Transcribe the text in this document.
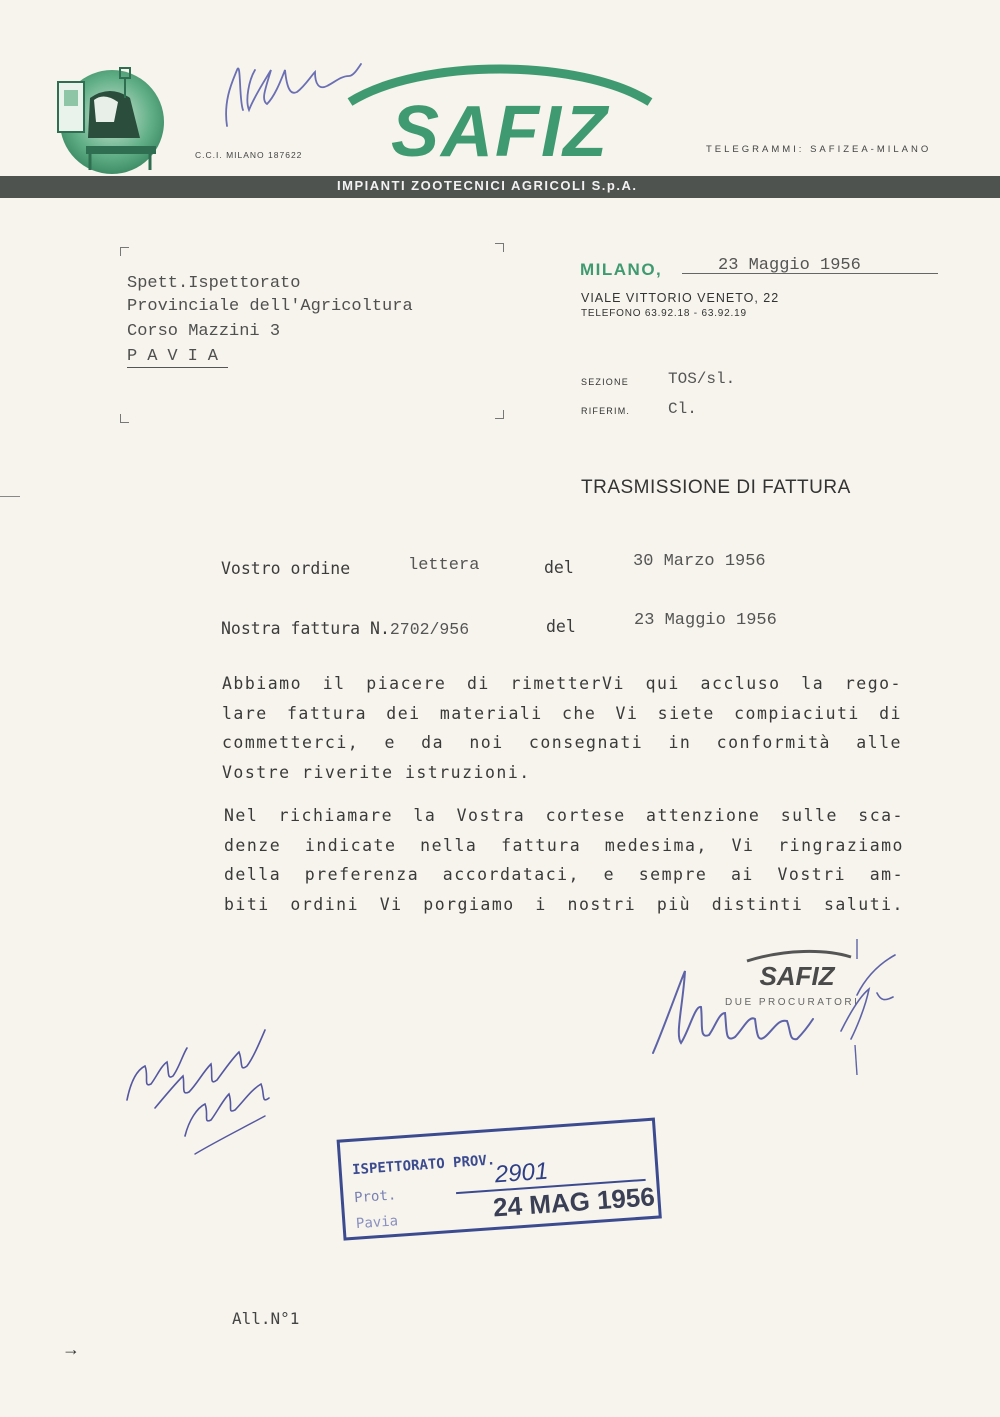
C.C.I. MILANO 187622 SAFIZ	TELEGRAMMI: SAFIZEA-MILANO
IMPIANTI ZOOTECNICI AGRICOLI S.p.A.
Spett.Ispettorato
Provinciale dell'Agricoltura
Corso Mazzini 3
PAVIA
MILANO,	23 Maggio 1956
VIALE VITTORIO VENETO, 22
TELEFONO 63.92.18 - 63.92.19
SEZIONE TOS/sl.
RIFERIM. Cl.
TRASMISSIONE DI FATTURA
Vostro ordine	lettera	del	30 Marzo 1956
Nostra fattura N.2702/956	del	23 Maggio 1956
Abbiamo il piacere di rimetterVi qui accluso la rego-
lare fattura dei materiali che Vi siete compiaciuti di
commetterci, e da noi consegnati in conformità alle
Vostre riverite istruzioni.
Nel richiamare la Vostra cortese attenzione sulle sca-
denze indicate nella fattura medesima, Vi ringraziamo
della preferenza accordataci, e sempre ai Vostri am-
biti ordini Vi porgiamo i nostri più distinti saluti.
SAFIZ
DUE PROCURATORI
ISPETTORATO PROV.
Prot.
Pavia
2901
24 MAG 1956
All.N°1
→
